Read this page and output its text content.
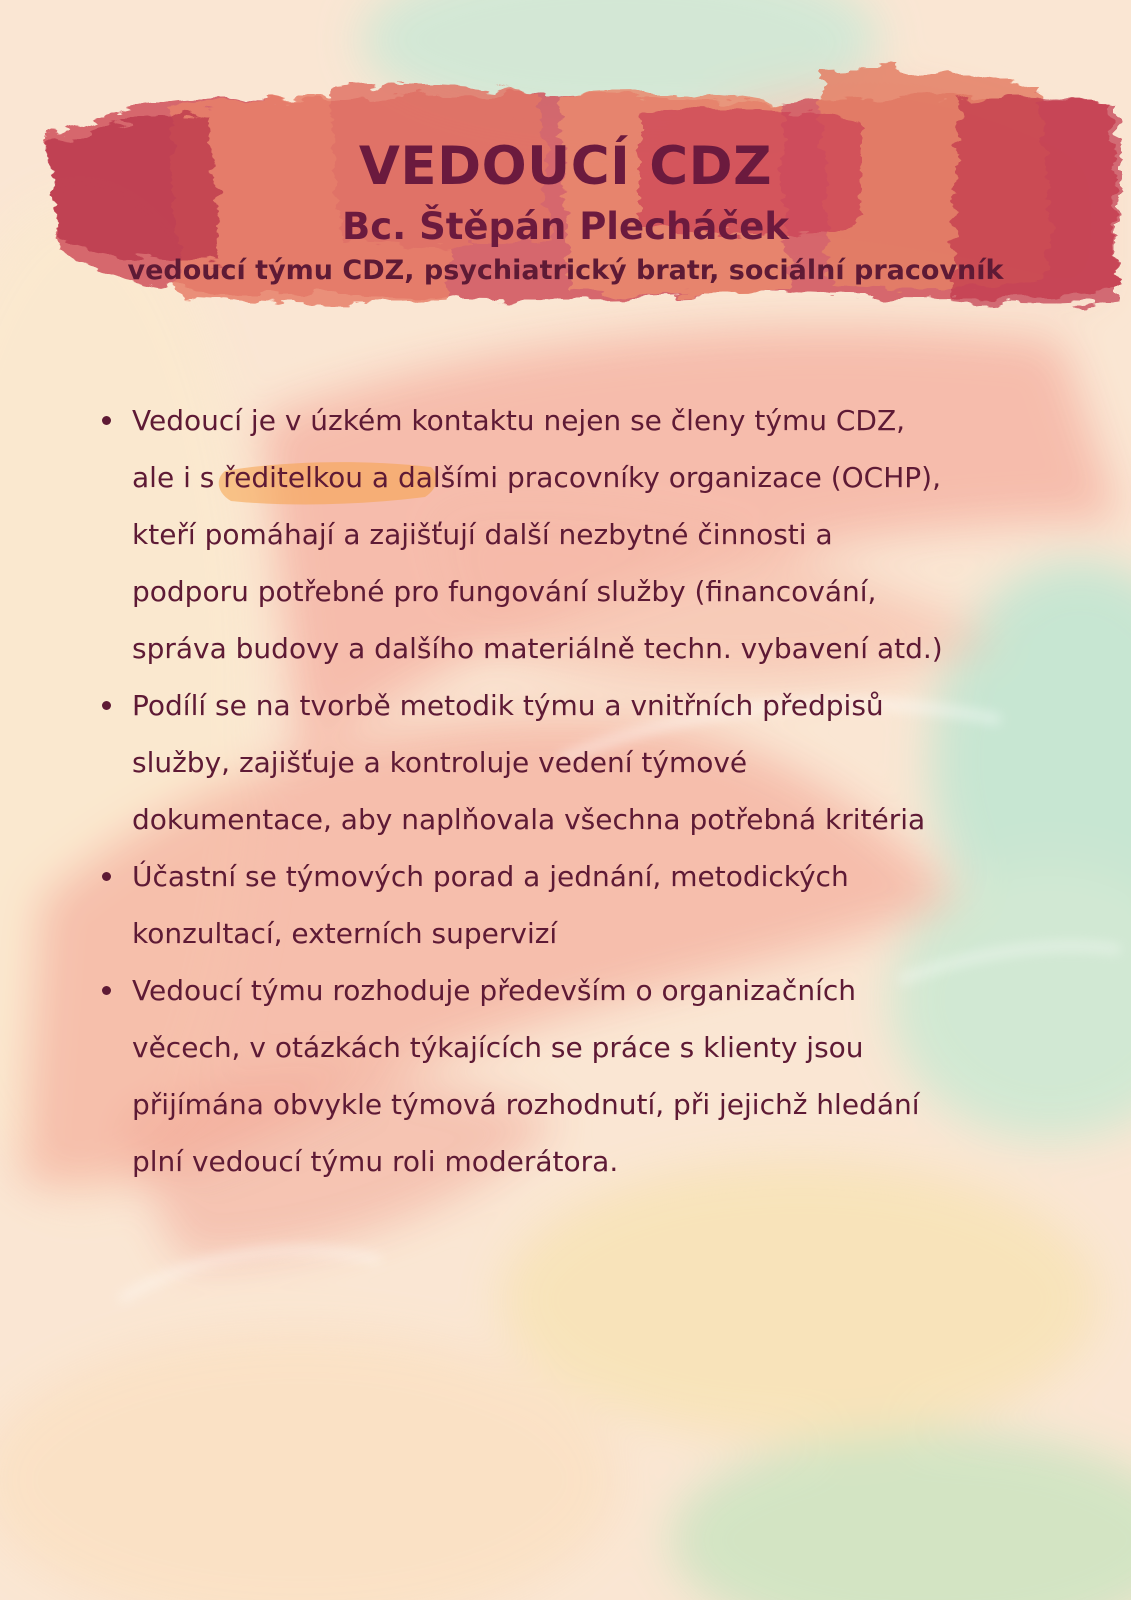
VEDOUCÍ CDZ
Bc. Štěpán Plecháček
vedoucí týmu CDZ, psychiatrický bratr, sociální pracovník
Vedoucí je v úzkém kontaktu nejen se členy týmu CDZ,
ale i s
ředitelkou a dalšími pracovníky organizace (OCHP),
kteří pomáhají a zajišťují další nezbytné činnosti a
podporu potřebné pro fungování služby (financování,
správa budovy a dalšího materiálně techn. vybavení atd.)
Podílí se na tvorbě metodik týmu a vnitřních předpisů
služby, zajišťuje a kontroluje vedení týmové
dokumentace, aby naplňovala všechna potřebná kritéria
Účastní se týmových porad a jednání, metodických
konzultací, externích supervizí
Vedoucí týmu rozhoduje především o organizačních
věcech, v otázkách týkajících se práce s klienty jsou
přijímána obvykle týmová rozhodnutí, při jejichž hledání
plní vedoucí týmu roli moderátora.
